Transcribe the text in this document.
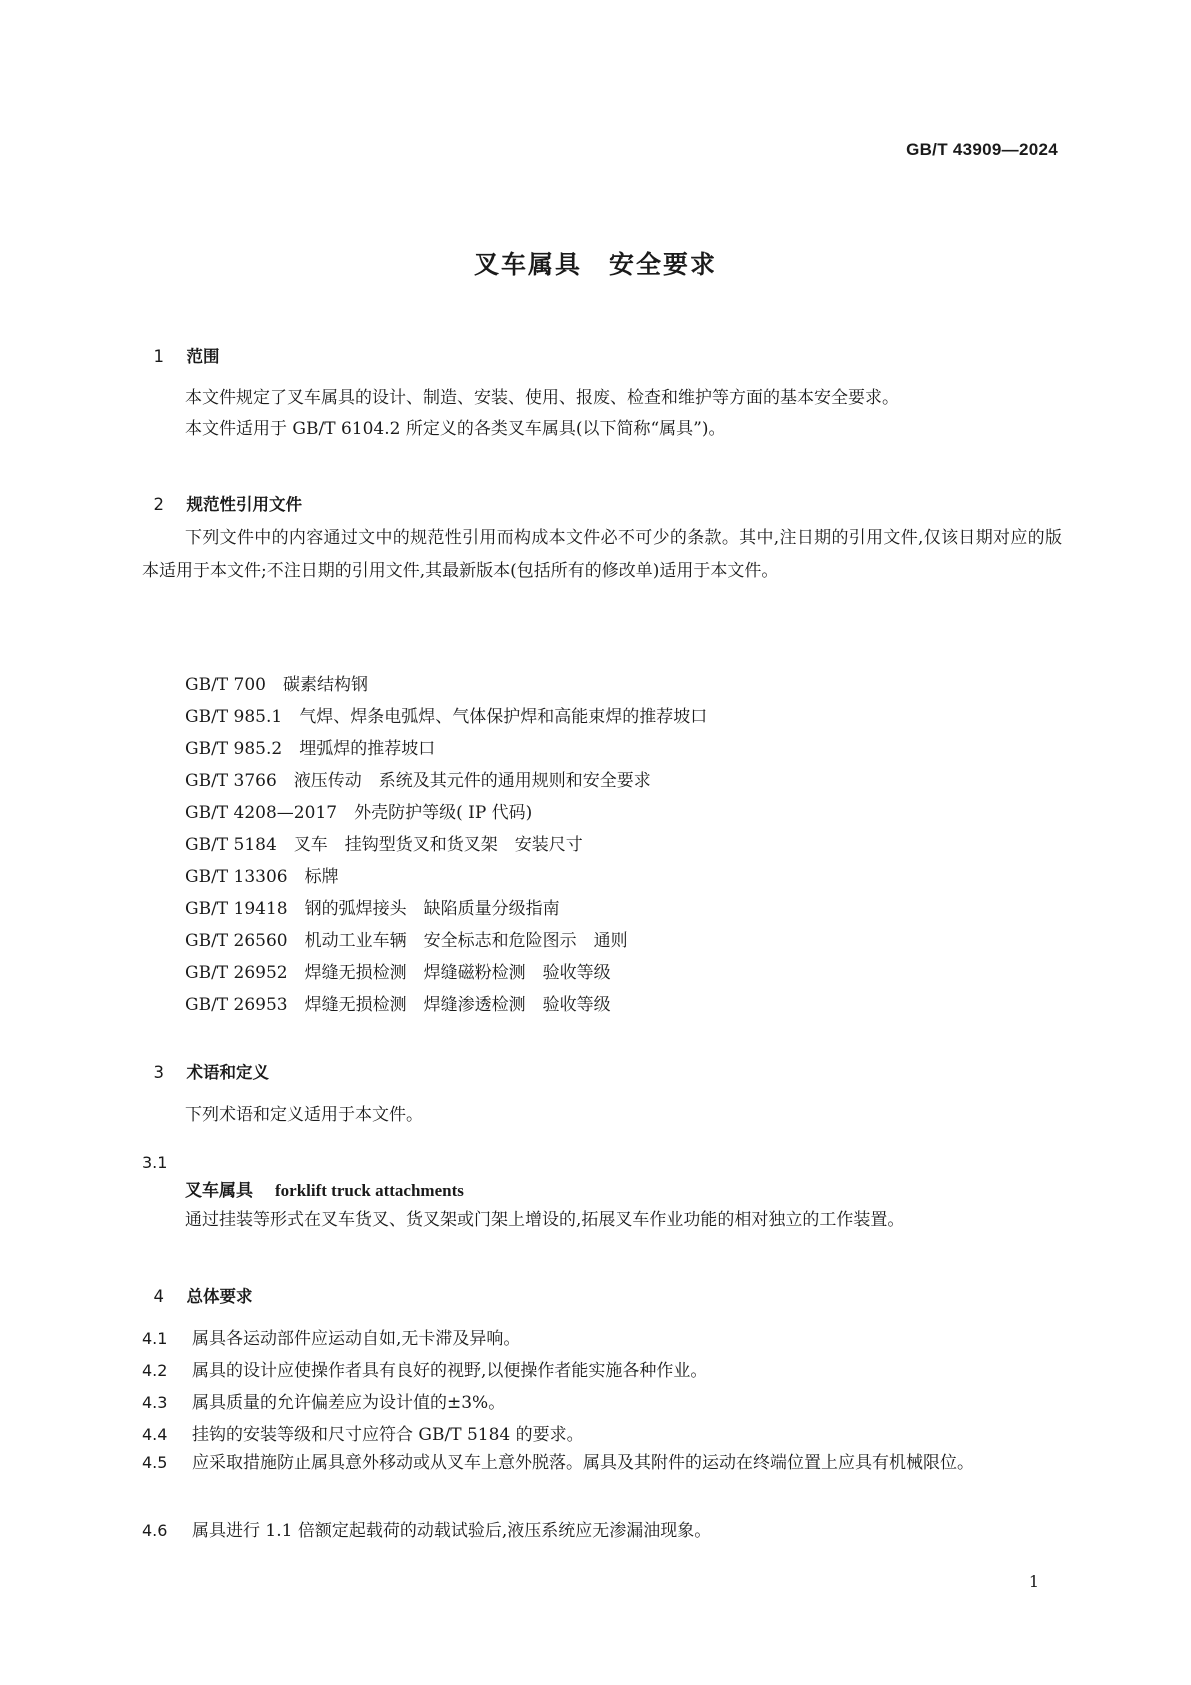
GB/T 43909—2024
叉车属具　安全要求

1 范围

本文件规定了叉车属具的设计、制造、安装、使用、报废、检查和维护等方面的基本安全要求。
本文件适用于 GB/T 6104.2 所定义的各类叉车属具(以下简称“属具”)。

2 规范性引用文件

下列文件中的内容通过文中的规范性引用而构成本文件必不可少的条款。其中,注日期的引用文件,仅该日期对应的版本适用于本文件;不注日期的引用文件,其最新版本(包括所有的修改单)适用于本文件。
GB/T 700　 碳素结构钢
GB/T 985.1　 气焊、焊条电弧焊、气体保护焊和高能束焊的推荐坡口
GB/T 985.2　 埋弧焊的推荐坡口
GB/T 3766　 液压传动　系统及其元件的通用规则和安全要求
GB/T 4208—2017　 外壳防护等级( IP 代码)
GB/T 5184　 叉车　挂钩型货叉和货叉架　安装尺寸
GB/T 13306　 标牌
GB/T 19418　 钢的弧焊接头　缺陷质量分级指南
GB/T 26560　 机动工业车辆　安全标志和危险图示　通则
GB/T 26952　 焊缝无损检测　焊缝磁粉检测　验收等级
GB/T 26953　 焊缝无损检测　焊缝渗透检测　验收等级

3 术语和定义

下列术语和定义适用于本文件。
3.1
叉车属具 forklift truck attachments
通过挂装等形式在叉车货叉、货叉架或门架上增设的,拓展叉车作业功能的相对独立的工作装置。

4 总体要求

4.1 属具各运动部件应运动自如,无卡滞及异响。
4.2 属具的设计应使操作者具有良好的视野,以便操作者能实施各种作业。
4.3 属具质量的允许偏差应为设计值的±3%。
4.4 挂钩的安装等级和尺寸应符合 GB/T 5184 的要求。
4.5 应采取措施防止属具意外移动或从叉车上意外脱落。属具及其附件的运动在终端位置上应具有机械限位。
4.6 属具进行 1.1 倍额定起载荷的动载试验后,液压系统应无渗漏油现象。
1
